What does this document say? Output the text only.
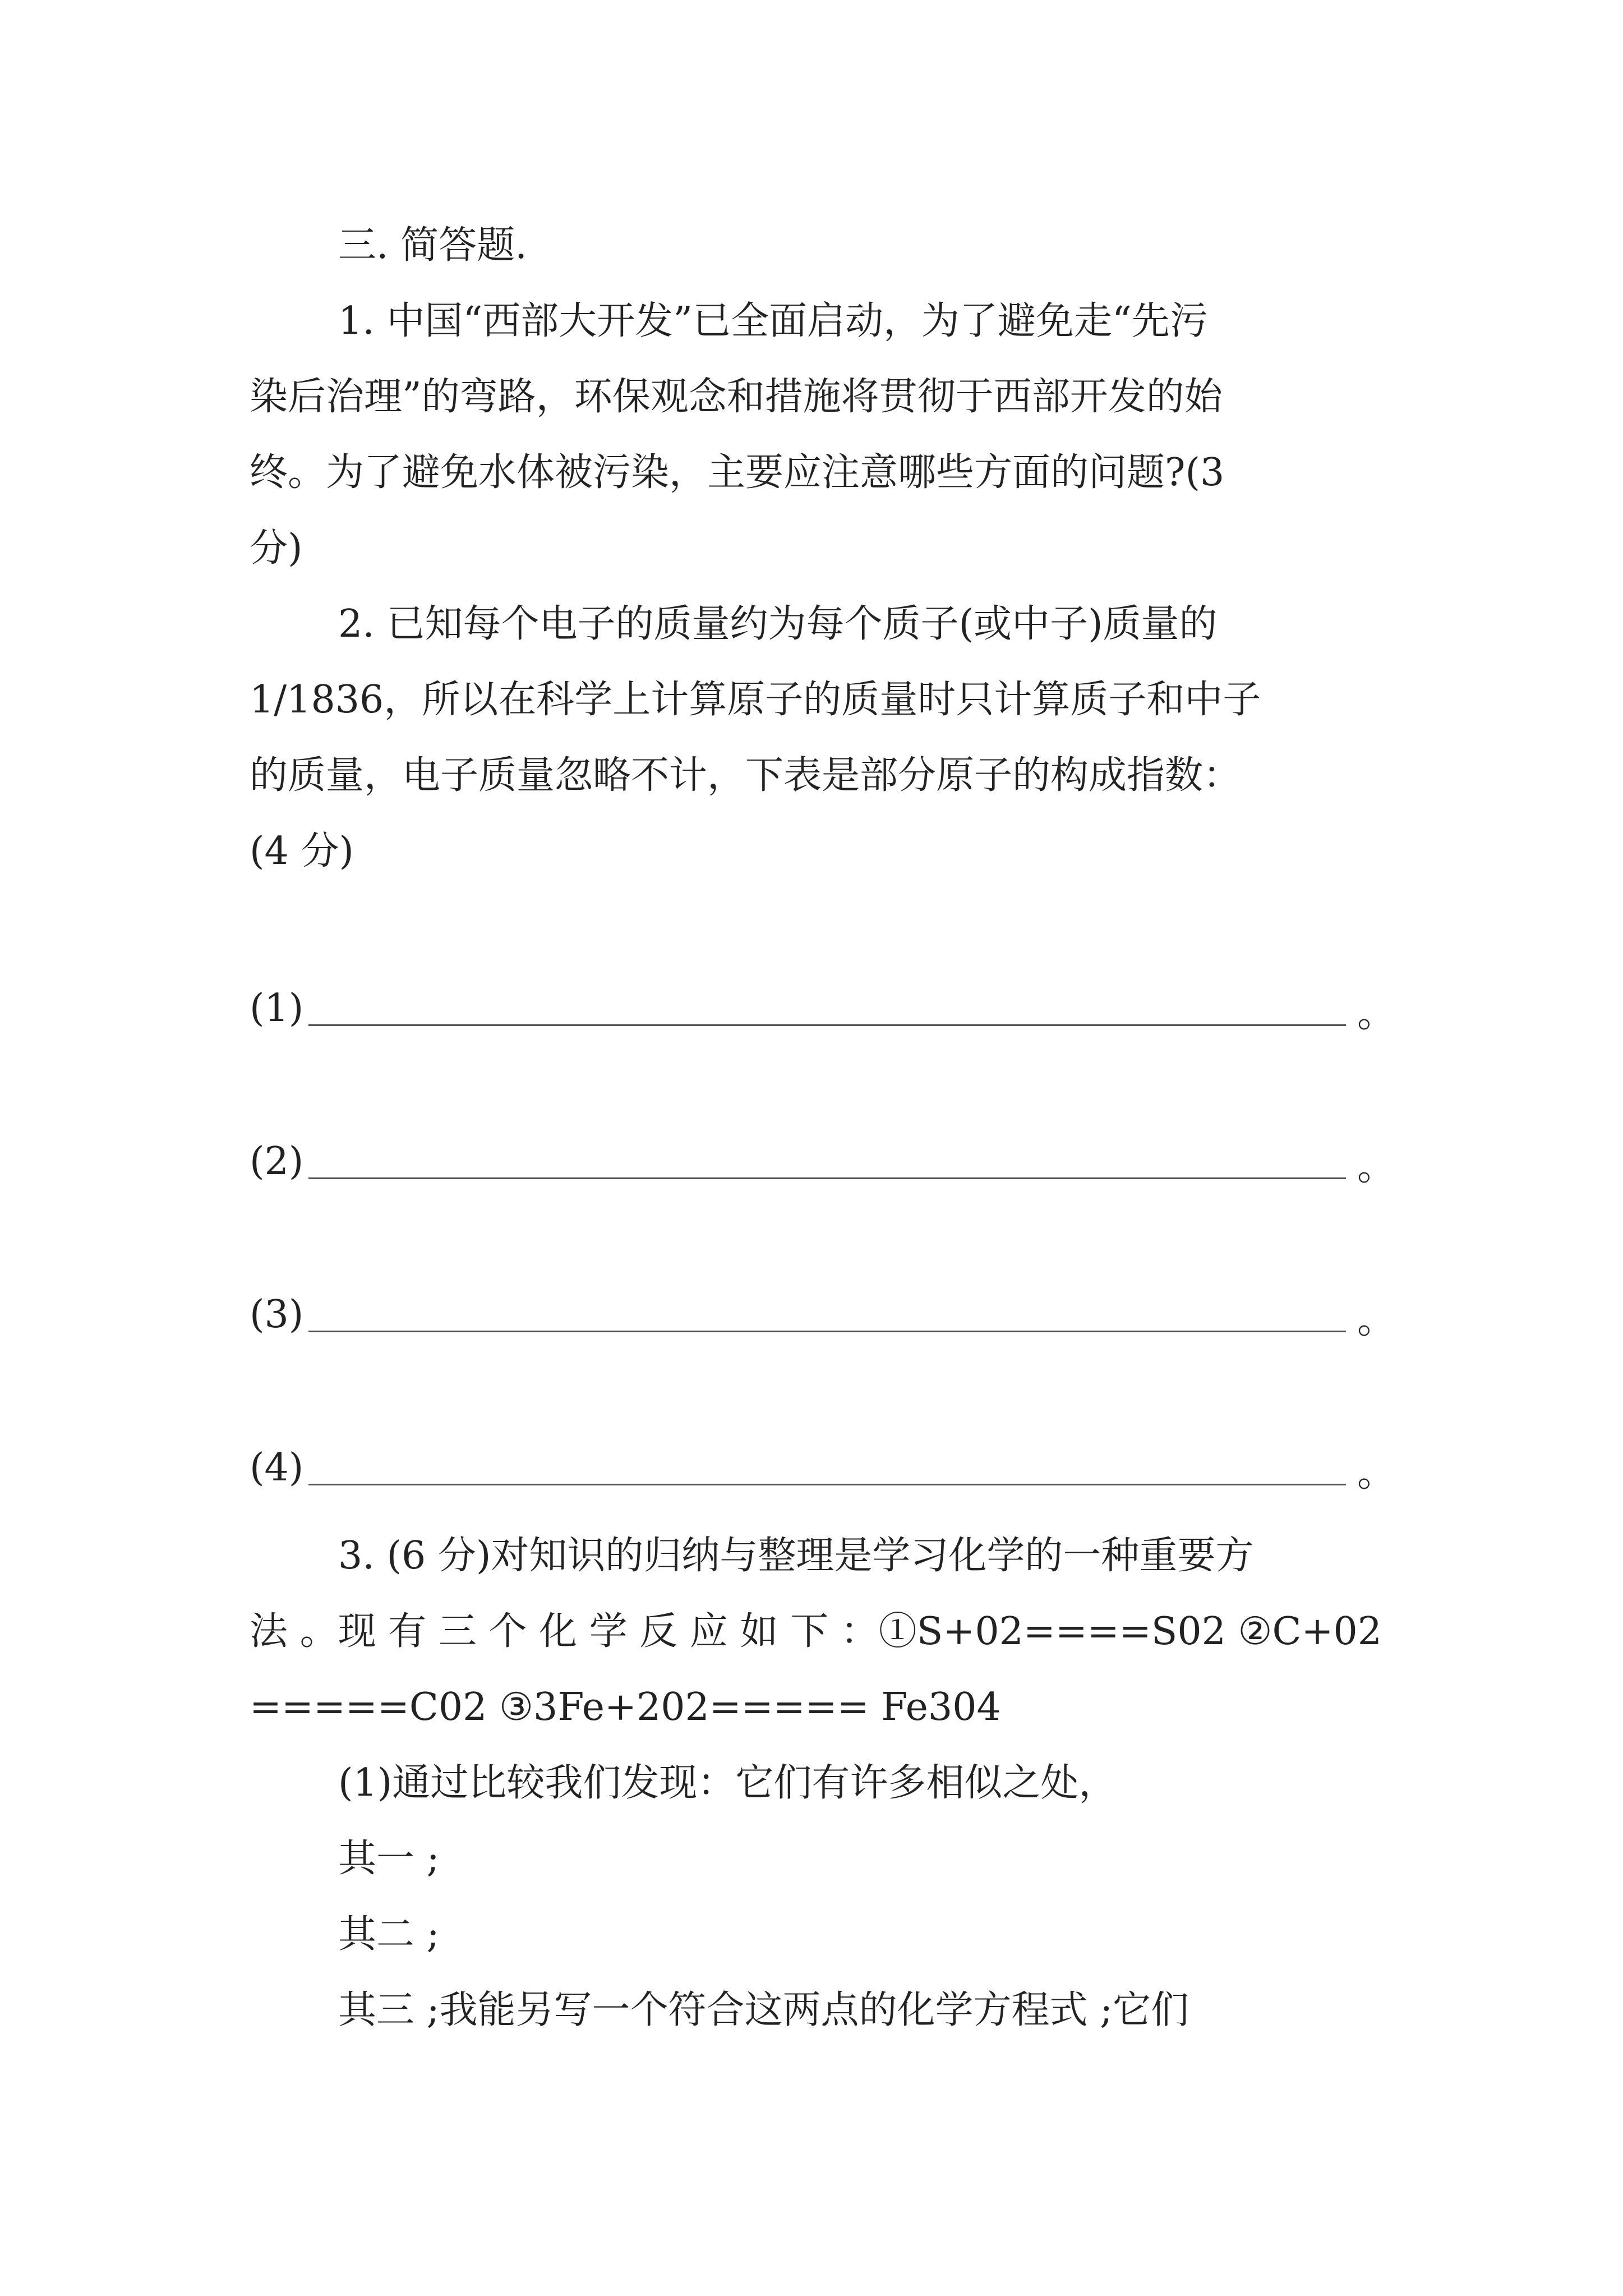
三. 简答题.
1. 中国“西部大开发”已全面启动，为了避免走“先污
染后治理”的弯路，环保观念和措施将贯彻于西部开发的始
终。为了避免水体被污染，主要应注意哪些方面的问题?(3
分)
2. 已知每个电子的质量约为每个质子(或中子)质量的
1/1836，所以在科学上计算原子的质量时只计算质子和中子
的质量，电子质量忽略不计，下表是部分原子的构成指数：
(4 分)
(1)	。
(2)	。
(3)	。
(4)	。
3. (6 分)对知识的归纳与整理是学习化学的一种重要方
法 。现 有 三 个 化 学 反 应 如 下 ：①S+02====S02 ②C+02
=====C02 ③3Fe+202===== Fe304
(1)通过比较我们发现：它们有许多相似之处，
其一 ;
其二 ;
其三 ;我能另写一个符合这两点的化学方程式 ;它们
